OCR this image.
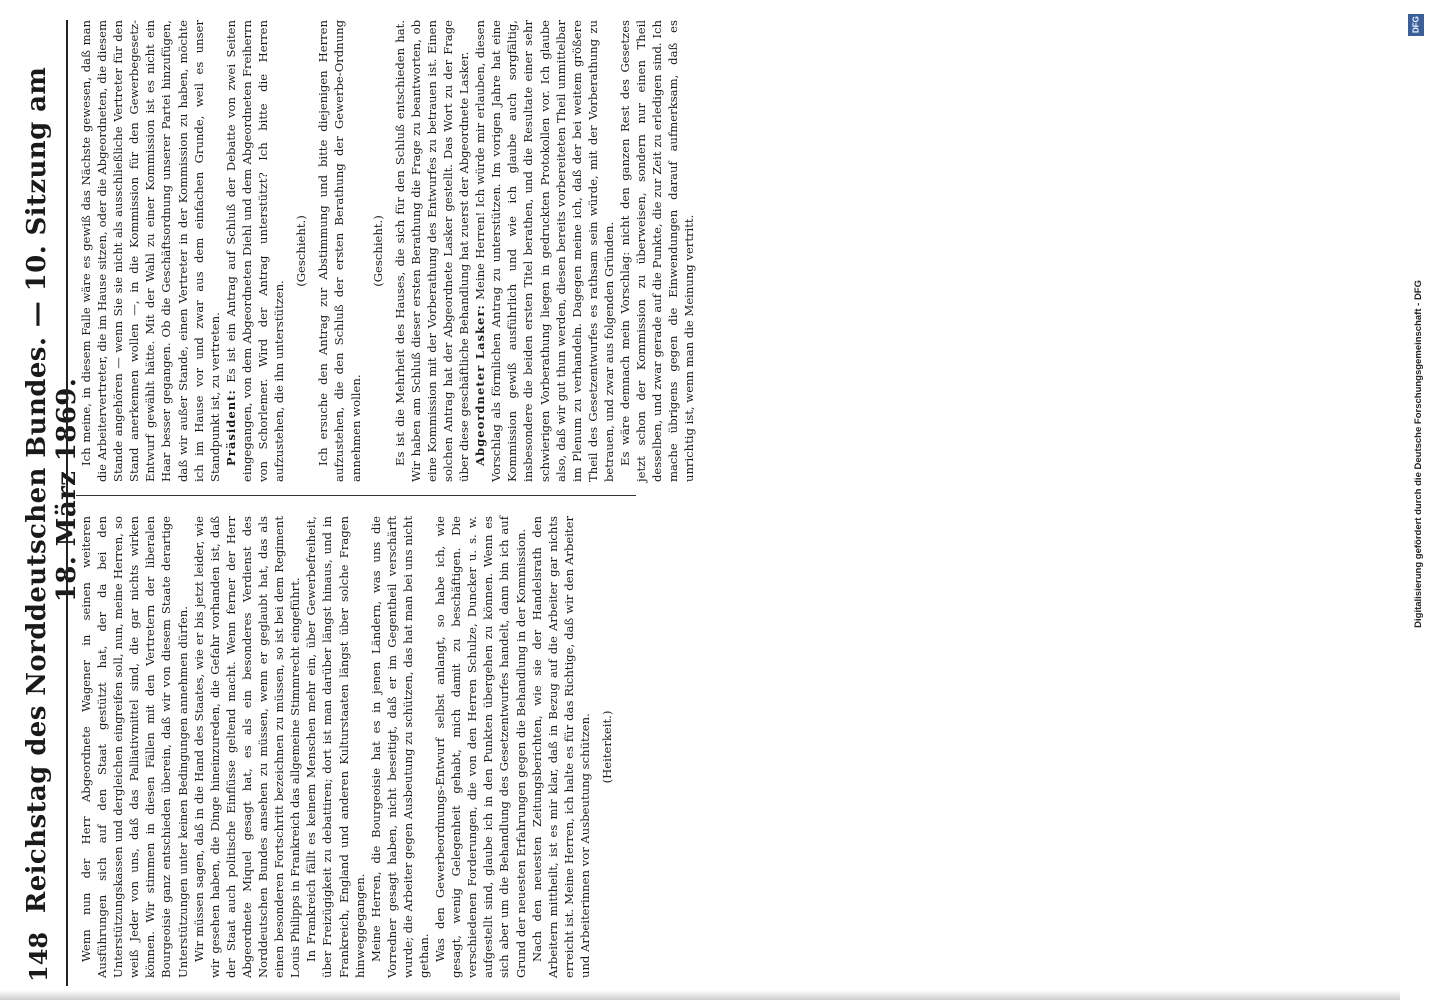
148
Reichstag des Norddeutschen Bundes. — 10. Sitzung am 18. März 1869.

Wenn nun der Herr Abgeordnete Wagener in seinen weiteren Ausführungen sich auf den Staat gestützt hat, der da bei den Unterstützungskassen und dergleichen eingreifen soll, nun, meine Herren, so weiß Jeder von uns, daß das Palliativmittel sind, die gar nichts wirken können. Wir stimmen in diesen Fällen mit den Vertretern der liberalen Bourgeoisie ganz entschieden überein, daß wir von diesem Staate derartige Unterstützungen unter keinen Bedingungen annehmen dürfen. Wir müssen sagen, daß in die Hand des Staates, wie er bis jetzt leider, wie wir gesehen haben, die Dinge hineinzureden, die Gefahr vorhanden ist, daß der Staat auch politische Einflüsse geltend macht. Wenn ferner der Herr Abgeordnete Miquel gesagt hat, es als ein besonderes Verdienst des Norddeutschen Bundes ansehen zu müssen, wenn er geglaubt hat, das als einen besonderen Fortschritt bezeichnen zu müssen, so ist bei dem Regiment Louis Philipps in Frankreich das allgemeine Stimmrecht eingeführt. In Frankreich fällt es keinem Menschen mehr ein, über Gewerbefreiheit, über Freizügigkeit zu debattiren; dort ist man darüber längst hinaus, und in Frankreich, England und anderen Kulturstaaten längst über solche Fragen hinweggegangen. Meine Herren, die Bourgeoisie hat es in jenen Ländern, was uns die Vorredner gesagt haben, nicht beseitigt, daß er im Gegentheil verschärft wurde; die Arbeiter gegen Ausbeutung zu schützen, das hat man bei uns nicht gethan. Was den Gewerbeordnungs-Entwurf selbst anlangt, so habe ich, wie gesagt, wenig Gelegenheit gehabt, mich damit zu beschäftigen. Die verschiedenen Forderungen, die von den Herren Schulze, Duncker u. s. w. aufgestellt sind, glaube ich in den Punkten übergehen zu können. Wenn es sich aber um die Behandlung des Gesetzentwurfes handelt, dann bin ich auf Grund der neuesten Erfahrungen gegen die Behandlung in der Kommission. Nach den neuesten Zeitungsberichten, wie sie der Handelsrath den Arbeitern mittheilt, ist es mir klar, daß in Bezug auf die Arbeiter gar nichts erreicht ist. Meine Herren, ich halte es für das Richtige, daß wir den Arbeiter und Arbeiterinnen vor Ausbeutung schützen. (Heiterkeit.)

Ich meine, in diesem Falle wäre es gewiß das Nächste gewesen, daß man die Arbeitervertreter, die im Hause sitzen, oder die Abgeordneten, die diesem Stande angehören — wenn Sie sie nicht als ausschließliche Vertreter für den Stand anerkennen wollen —, in die Kommission für den Gewerbegesetz-Entwurf gewählt hätte. Mit der Wahl zu einer Kommission ist es nicht ein Haar besser gegangen. Ob die Geschäftsordnung unserer Partei hinzufügen, daß wir außer Stande, einen Vertreter in der Kommission zu haben, möchte ich im Hause vor und zwar aus dem einfachen Grunde, weil es unser Standpunkt ist, zu vertreten. Präsident: Es ist ein Antrag auf Schluß der Debatte von zwei Seiten eingegangen, von dem Abgeordneten Diehl und dem Abgeordneten Freiherrn von Schorlemer. Wird der Antrag unterstützt? Ich bitte die Herren aufzustehen, die ihn unterstützen.

(Geschieht.) Ich ersuche den Antrag zur Abstimmung und bitte diejenigen Herren aufzustehen, die den Schluß der ersten Berathung der Gewerbe-Ordnung annehmen wollen.

(Geschieht.) Es ist die Mehrheit des Hauses, die sich für den Schluß entschieden hat. Wir haben am Schluß dieser ersten Berathung die Frage zu beantworten, ob eine Kommission mit der Vorberathung des Entwurfes zu betrauen ist. Einen solchen Antrag hat der Abgeordnete Lasker gestellt. Das Wort zu der Frage über diese geschäftliche Behandlung hat zuerst der Abgeordnete Lasker. Abgeordneter Lasker: Meine Herren! Ich würde mir erlauben, diesen Vorschlag als förmlichen Antrag zu unterstützen. Im vorigen Jahre hat eine Kommission gewiß ausführlich und wie ich glaube auch sorgfältig, insbesondere die beiden ersten Titel berathen, und die Resultate einer sehr schwierigen Vorberathung liegen in gedruckten Protokollen vor. Ich glaube also, daß wir gut thun werden, diesen bereits vorbereiteten Theil unmittelbar im Plenum zu verhandeln. Dagegen meine ich, daß der bei weitem größere Theil des Gesetzentwurfes es rathsam sein würde, mit der Vorberathung zu betrauen, und zwar aus folgenden Gründen. Es wäre demnach mein Vorschlag: nicht den ganzen Rest des Gesetzes jetzt schon der Kommission zu überweisen, sondern nur einen Theil desselben, und zwar gerade auf die Punkte, die zur Zeit zu erledigen sind. Ich mache übrigens gegen die Einwendungen darauf aufmerksam, daß es unrichtig ist, wenn man die Meinung vertritt.

DFG
Digitalisierung gefördert durch die Deutsche Forschungsgemeinschaft - DFG
